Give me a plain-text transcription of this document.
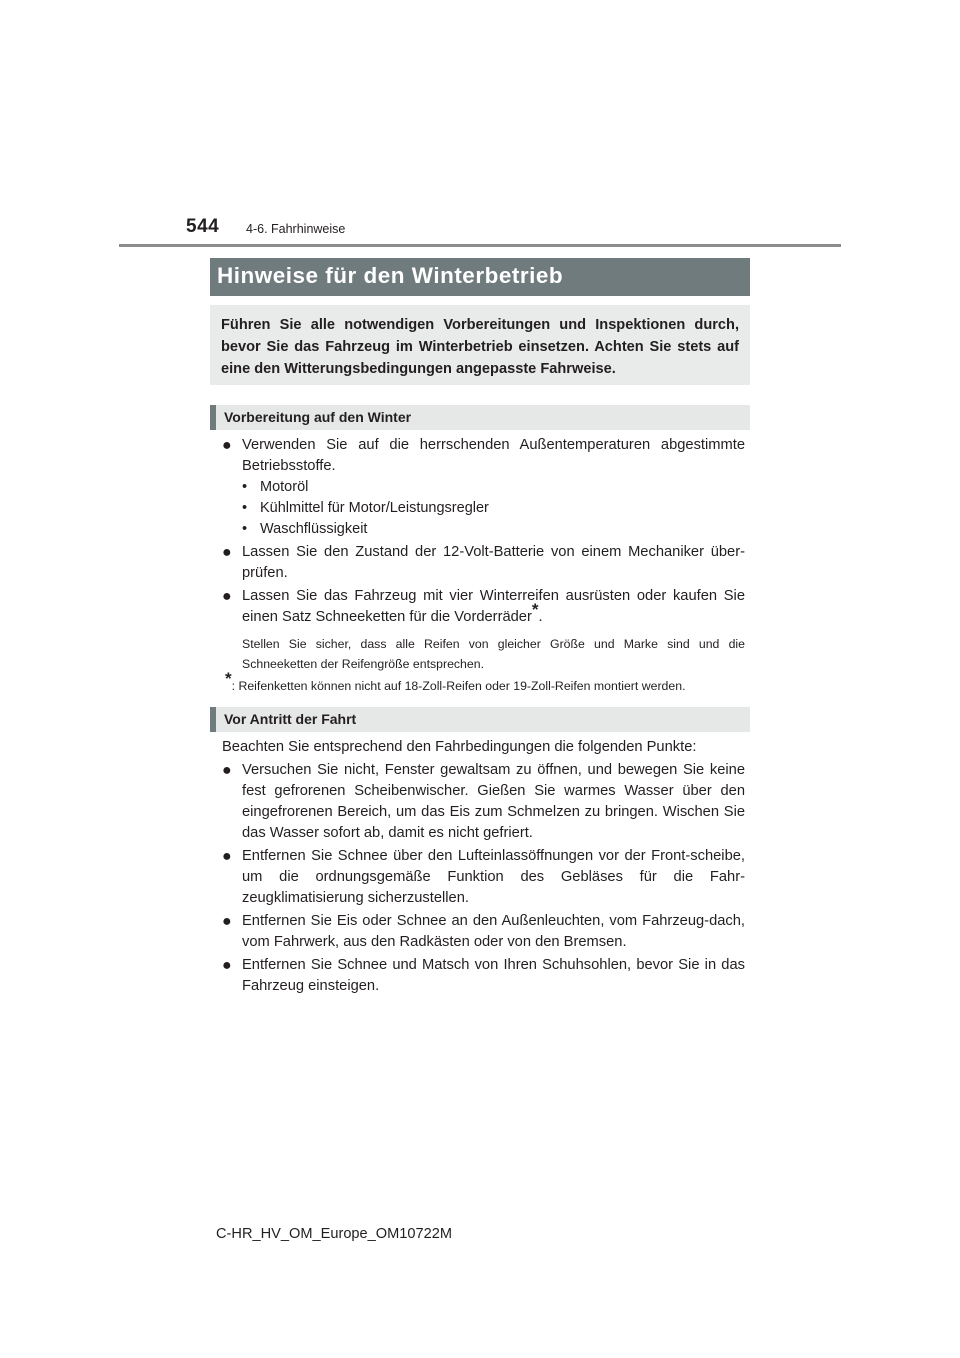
544 4-6. Fahrhinweise
Hinweise für den Winterbetrieb
Führen Sie alle notwendigen Vorbereitungen und Inspektionen durch, bevor Sie das Fahrzeug im Winterbetrieb einsetzen. Achten Sie stets auf eine den Witterungsbedingungen angepasste Fahrweise.
Vorbereitung auf den Winter
● Verwenden Sie auf die herrschenden Außentemperaturen abgestimmte Betriebsstoffe.
• Motoröl
• Kühlmittel für Motor/Leistungsregler
• Waschflüssigkeit
● Lassen Sie den Zustand der 12-Volt-Batterie von einem Mechaniker über-prüfen.
● Lassen Sie das Fahrzeug mit vier Winterreifen ausrüsten oder kaufen Sie einen Satz Schneeketten für die Vorderräder*.
Stellen Sie sicher, dass alle Reifen von gleicher Größe und Marke sind und die Schneeketten der Reifengröße entsprechen.
*: Reifenketten können nicht auf 18-Zoll-Reifen oder 19-Zoll-Reifen montiert werden.
Vor Antritt der Fahrt
Beachten Sie entsprechend den Fahrbedingungen die folgenden Punkte:
● Versuchen Sie nicht, Fenster gewaltsam zu öffnen, und bewegen Sie keine fest gefrorenen Scheibenwischer. Gießen Sie warmes Wasser über den eingefrorenen Bereich, um das Eis zum Schmelzen zu bringen. Wischen Sie das Wasser sofort ab, damit es nicht gefriert.
● Entfernen Sie Schnee über den Lufteinlassöffnungen vor der Front-scheibe, um die ordnungsgemäße Funktion des Gebläses für die Fahr-zeugklimatisierung sicherzustellen.
● Entfernen Sie Eis oder Schnee an den Außenleuchten, vom Fahrzeug-dach, vom Fahrwerk, aus den Radkästen oder von den Bremsen.
● Entfernen Sie Schnee und Matsch von Ihren Schuhsohlen, bevor Sie in das Fahrzeug einsteigen.
C-HR_HV_OM_Europe_OM10722M
